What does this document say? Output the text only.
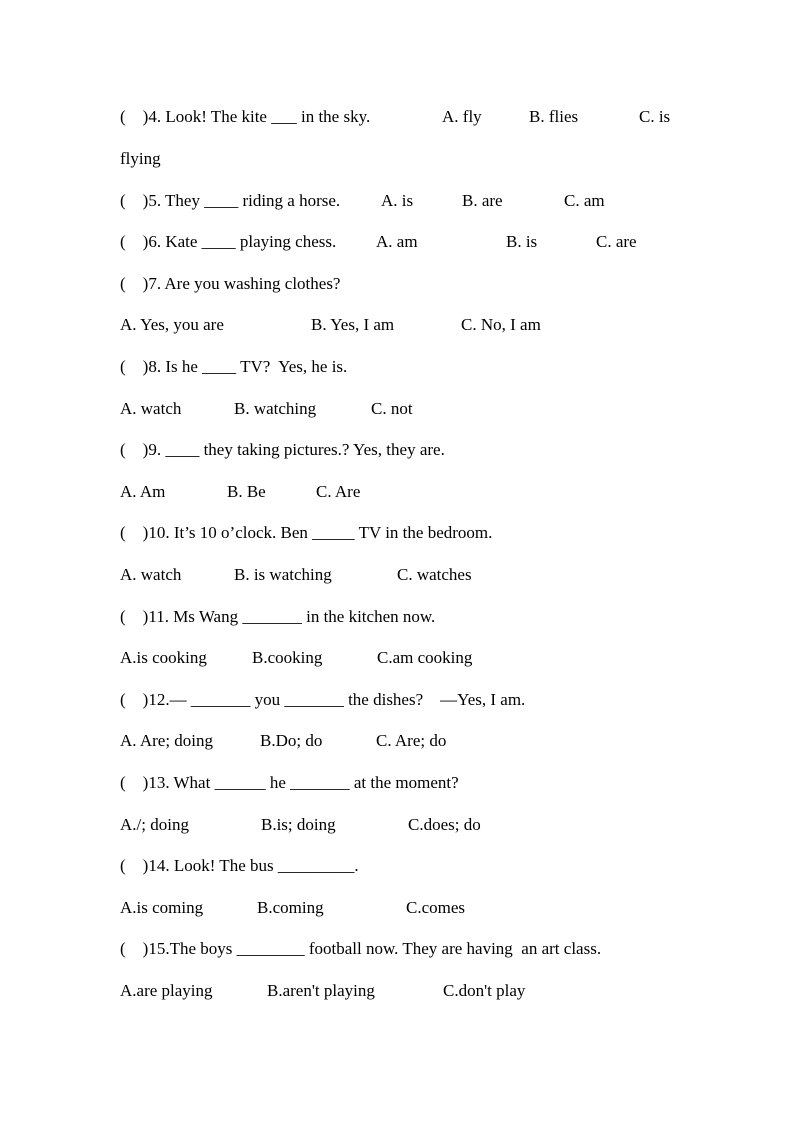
(    )4. Look! The kite ___ in the sky.

	A. fly

	B. flies

	C. is

flying

(    )5. They ____ riding a horse.

A. is

	B. are

	C. am

(    )6. Kate ____ playing chess.

A. am

	B. is

	C. are

(    )7. Are you washing clothes?

A. Yes, you are

	B. Yes, I am

	C. No, I am

(    )8. Is he ____ TV?  Yes, he is.

A. watch

	B. watching

	C. not

(    )9. ____ they taking pictures.? Yes, they are.

A. Am

	B. Be

	C. Are

(    )10. It’s 10 o’clock. Ben _____ TV in the bedroom.

A. watch

	B. is watching

	C. watches

(    )11. Ms Wang _______ in the kitchen now.

A.is cooking

	B.cooking

	C.am cooking

(    )12.— _______ you _______ the dishes?    —Yes, I am.

A. Are; doing

	B.Do; do

	C. Are; do

(    )13. What ______ he _______ at the moment?

A./; doing

	B.is; doing

	C.does; do

(    )14. Look! The bus _________.

A.is coming

	B.coming

	C.comes

(    )15.The boys ________ football now. They are having  an art class.

A.are playing

	B.aren't playing

	C.don't play
